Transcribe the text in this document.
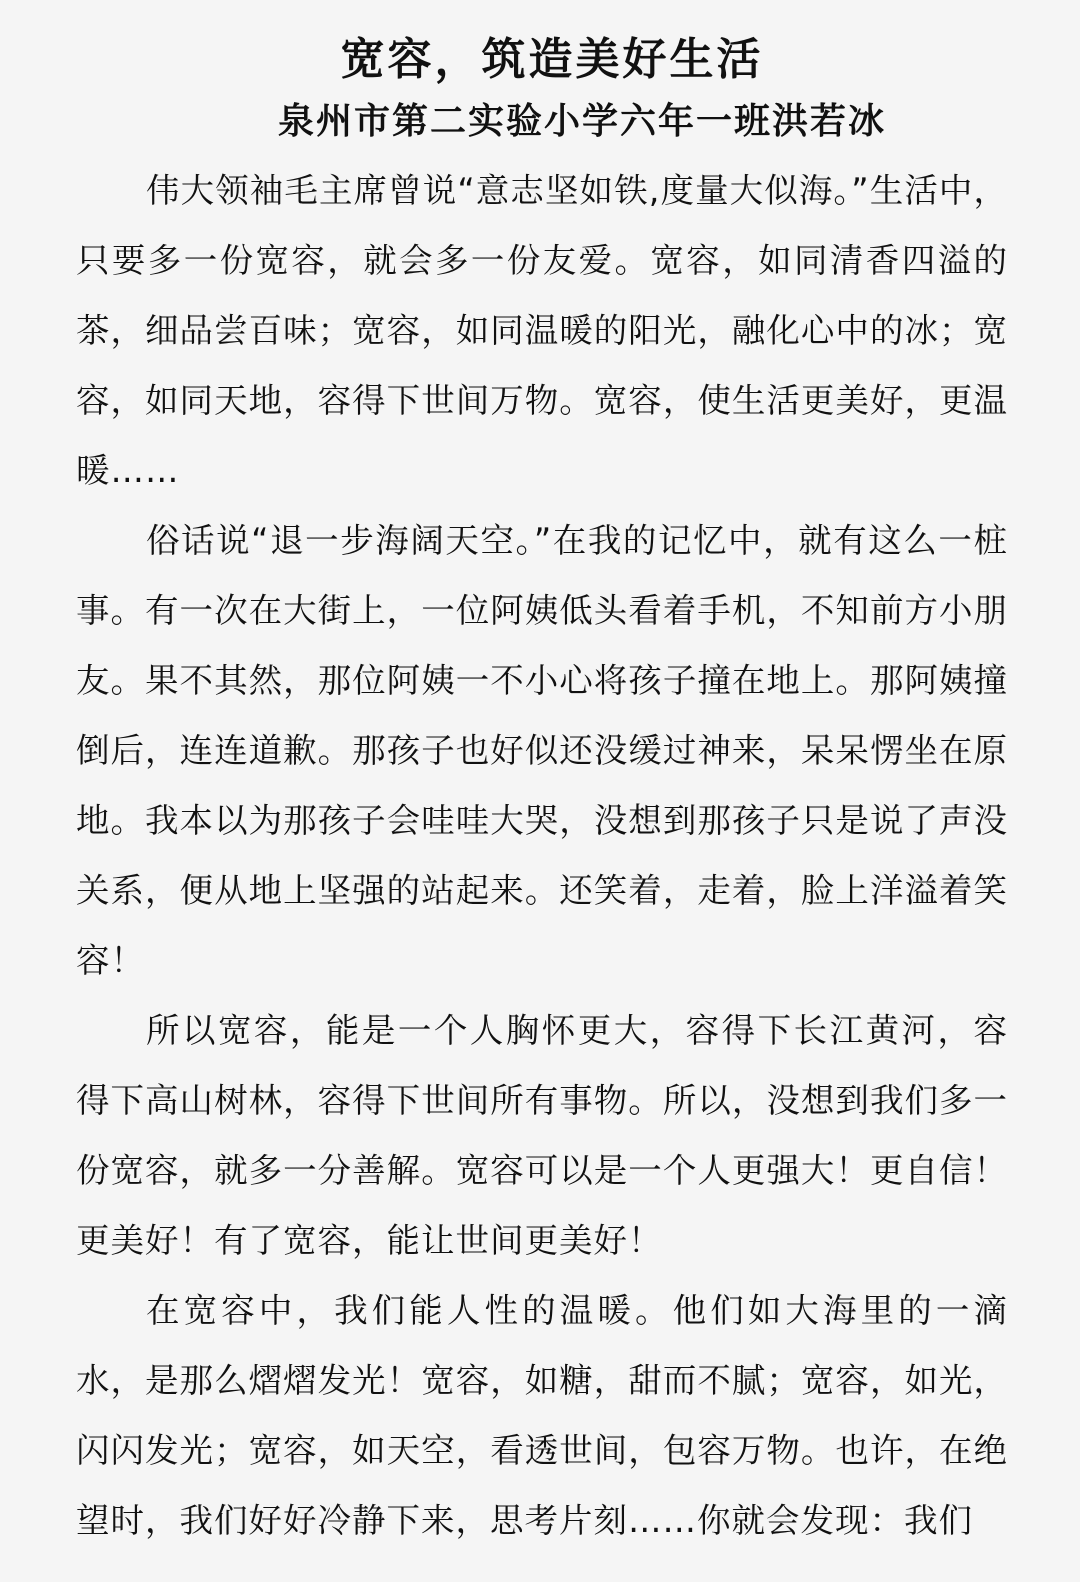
宽容，筑造美好生活
泉州市第二实验小学六年一班洪若冰

伟大领袖毛主席曾说“意志坚如铁,度量大似海。”生活中，只要多一份宽容，就会多一份友爱。宽容，如同清香四溢的茶，细品尝百味；宽容，如同温暖的阳光，融化心中的冰；宽容，如同天地，容得下世间万物。宽容，使生活更美好，更温暖……

俗话说“退一步海阔天空。”在我的记忆中，就有这么一桩事。有一次在大街上，一位阿姨低头看着手机，不知前方小朋友。果不其然，那位阿姨一不小心将孩子撞在地上。那阿姨撞倒后，连连道歉。那孩子也好似还没缓过神来，呆呆愣坐在原地。我本以为那孩子会哇哇大哭，没想到那孩子只是说了声没关系，便从地上坚强的站起来。还笑着，走着，脸上洋溢着笑容！

所以宽容，能是一个人胸怀更大，容得下长江黄河，容得下高山树林，容得下世间所有事物。所以，没想到我们多一份宽容，就多一分善解。宽容可以是一个人更强大！更自信！更美好！有了宽容，能让世间更美好！

在宽容中，我们能人性的温暖。他们如大海里的一滴水，是那么熠熠发光！宽容，如糖，甜而不腻；宽容，如光，闪闪发光；宽容，如天空，看透世间，包容万物。也许，在绝望时，我们好好冷静下来，思考片刻……你就会发现：我们
